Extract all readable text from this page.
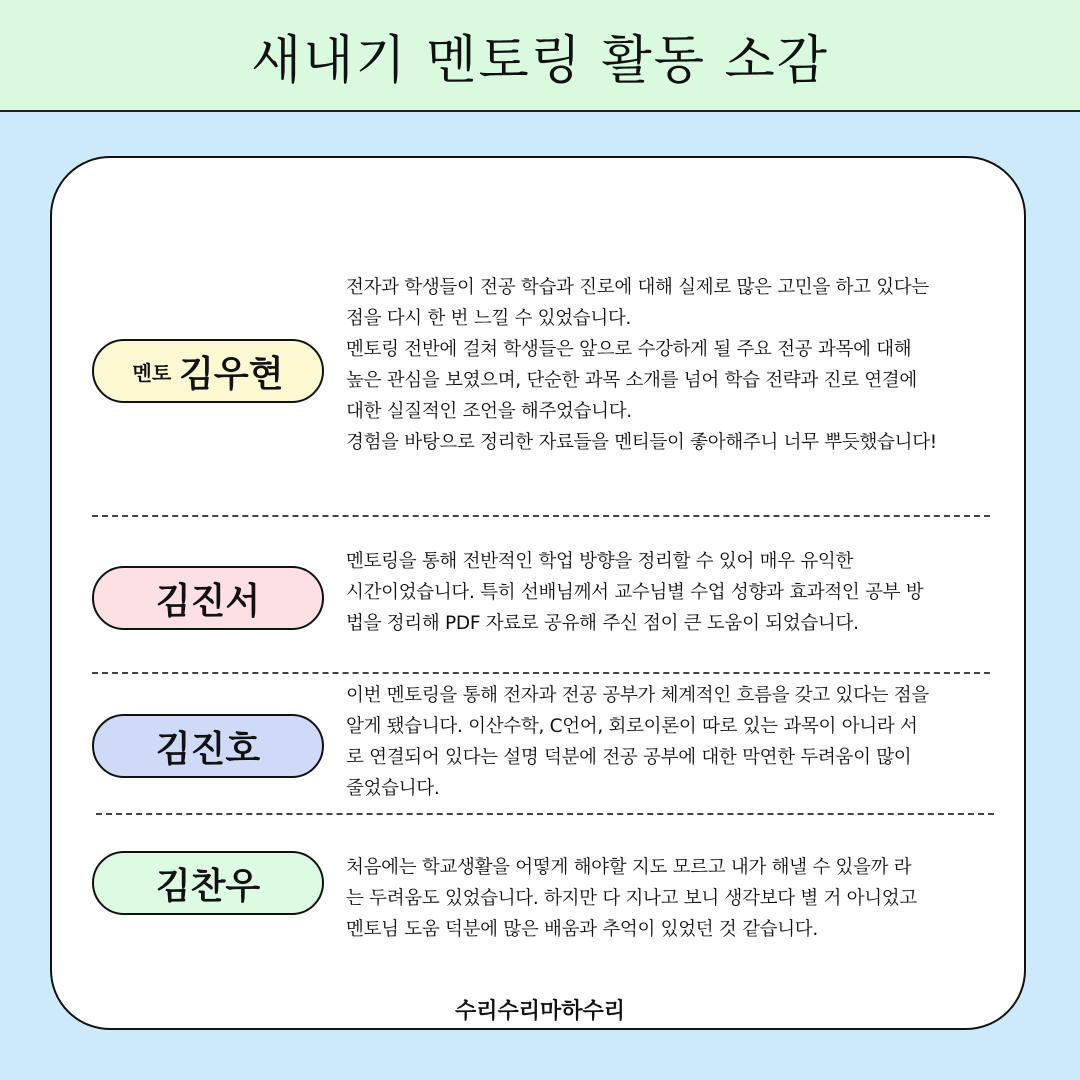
새내기 멘토링 활동 소감
멘토 김우현
전자과 학생들이 전공 학습과 진로에 대해 실제로 많은 고민을 하고 있다는
점을 다시 한 번 느낄 수 있었습니다.
멘토링 전반에 걸쳐 학생들은 앞으로 수강하게 될 주요 전공 과목에 대해
높은 관심을 보였으며, 단순한 과목 소개를 넘어 학습 전략과 진로 연결에
대한 실질적인 조언을 해주었습니다.
경험을 바탕으로 정리한 자료들을 멘티들이 좋아해주니 너무 뿌듯했습니다!
김진서
멘토링을 통해 전반적인 학업 방향을 정리할 수 있어 매우 유익한
시간이었습니다. 특히 선배님께서 교수님별 수업 성향과 효과적인 공부 방
법을 정리해 PDF 자료로 공유해 주신 점이 큰 도움이 되었습니다.
김진호
이번 멘토링을 통해 전자과 전공 공부가 체계적인 흐름을 갖고 있다는 점을
알게 됐습니다. 이산수학, C언어, 회로이론이 따로 있는 과목이 아니라 서
로 연결되어 있다는 설명 덕분에 전공 공부에 대한 막연한 두려움이 많이
줄었습니다.
김찬우	처음에는 학교생활을 어떻게 해야할 지도 모르고 내가 해낼 수 있을까 라
는 두려움도 있었습니다. 하지만 다 지나고 보니 생각보다 별 거 아니었고
멘토님 도움 덕분에 많은 배움과 추억이 있었던 것 같습니다.
수리수리마하수리
